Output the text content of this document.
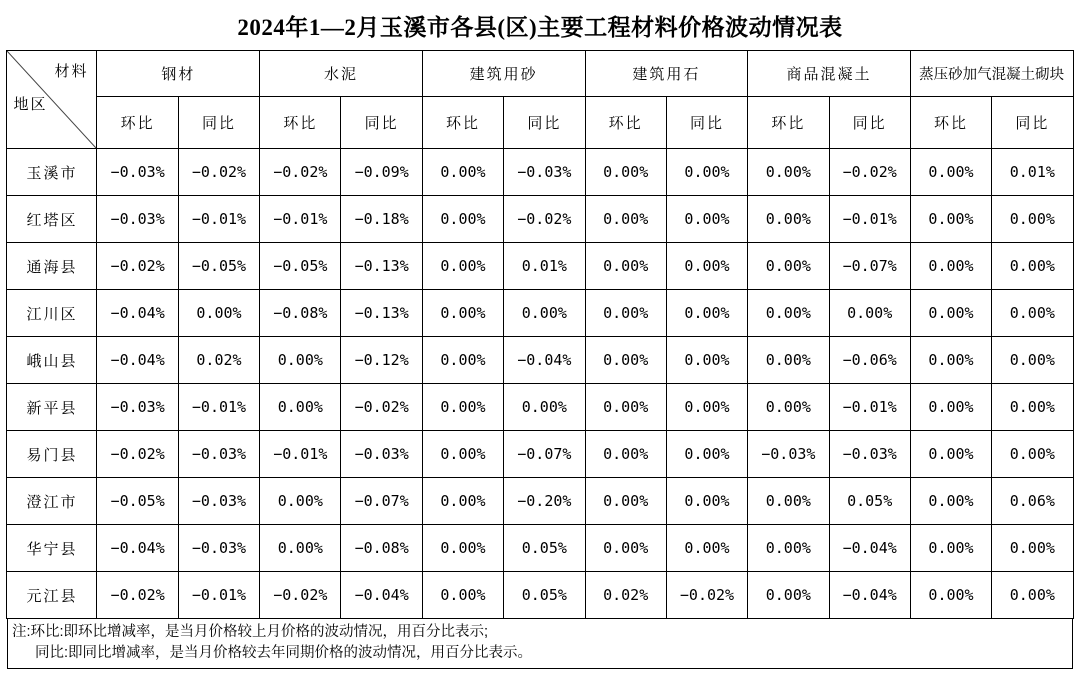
2024年1—2月玉溪市各县(区)主要工程材料价格波动情况表
材料
地区	钢材		水泥		建筑用砂		建筑用石		商品混凝土		蒸压砂加气混凝土砌块	
	环比	同比	环比	同比	环比	同比	环比	同比	环比	同比	环比	同比
玉溪市	−0.03%	−0.02%	−0.02%	−0.09%	0.00%	−0.03%	0.00%	0.00%	0.00%	−0.02%	0.00%	0.01%
红塔区	−0.03%	−0.01%	−0.01%	−0.18%	0.00%	−0.02%	0.00%	0.00%	0.00%	−0.01%	0.00%	0.00%
通海县	−0.02%	−0.05%	−0.05%	−0.13%	0.00%	0.01%	0.00%	0.00%	0.00%	−0.07%	0.00%	0.00%
江川区	−0.04%	0.00%	−0.08%	−0.13%	0.00%	0.00%	0.00%	0.00%	0.00%	0.00%	0.00%	0.00%
峨山县	−0.04%	0.02%	0.00%	−0.12%	0.00%	−0.04%	0.00%	0.00%	0.00%	−0.06%	0.00%	0.00%
新平县	−0.03%	−0.01%	0.00%	−0.02%	0.00%	0.00%	0.00%	0.00%	0.00%	−0.01%	0.00%	0.00%
易门县	−0.02%	−0.03%	−0.01%	−0.03%	0.00%	−0.07%	0.00%	0.00%	−0.03%	−0.03%	0.00%	0.00%
澄江市	−0.05%	−0.03%	0.00%	−0.07%	0.00%	−0.20%	0.00%	0.00%	0.00%	0.05%	0.00%	0.06%
华宁县	−0.04%	−0.03%	0.00%	−0.08%	0.00%	0.05%	0.00%	0.00%	0.00%	−0.04%	0.00%	0.00%
元江县	−0.02%	−0.01%	−0.02%	−0.04%	0.00%	0.05%	0.02%	−0.02%	0.00%	−0.04%	0.00%	0.00%
注:环比:即环比增减率，是当月价格较上月价格的波动情况，用百分比表示;
同比:即同比增减率，是当月价格较去年同期价格的波动情况，用百分比表示。
